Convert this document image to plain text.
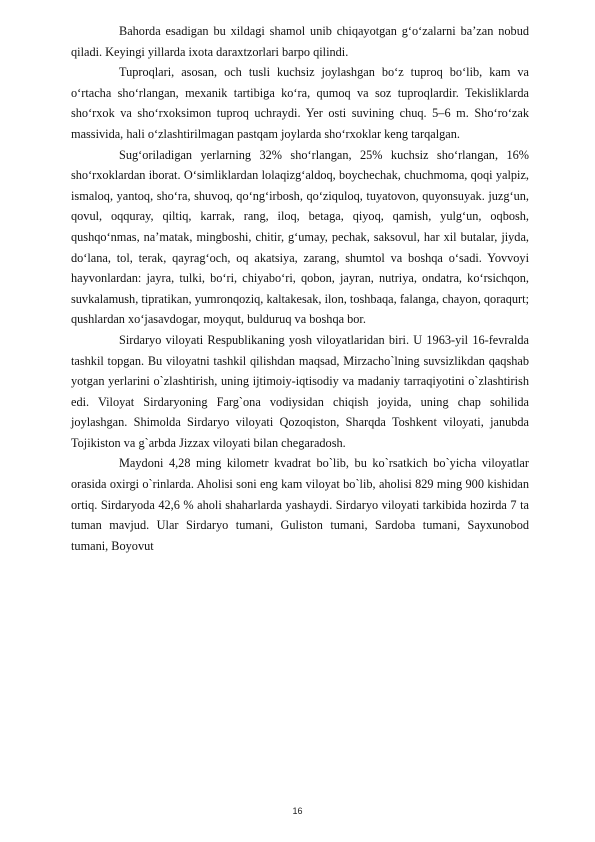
Bahorda esadigan bu xildagi shamol unib chiqayotgan g‘o‘zalarni ba’zan nobud qiladi. Keyingi yillarda ixota daraxtzorlari barpo qilindi.

Tuproqlari, asosan, och tusli kuchsiz joylashgan bo‘z tuproq bo‘lib, kam va o‘rtacha sho‘rlangan, mexanik tartibiga ko‘ra, qumoq va soz tuproqlardir. Tekisliklarda sho‘rxok va sho‘rxoksimon tuproq uchraydi. Yer osti suvining chuq. 5–6 m. Sho‘ro‘zak massivida, hali o‘zlashtirilmagan pastqam joylarda sho‘rxoklar keng tarqalgan.

Sug‘oriladigan yerlarning 32% sho‘rlangan, 25% kuchsiz sho‘rlangan, 16% sho‘rxoklardan iborat. O‘simliklardan lolaqizg‘aldoq, boychechak, chuchmoma, qoqi yalpiz, ismaloq, yantoq, sho‘ra, shuvoq, qo‘ng‘irbosh, qo‘ziquloq, tuyatovon, quyonsuyak. juzg‘un, qovul, oqquray, qiltiq, karrak, rang, iloq, betaga, qiyoq, qamish, yulg‘un, oqbosh, qushqo‘nmas, na’matak, mingboshi, chitir, g‘umay, pechak, saksovul, har xil butalar, jiyda, do‘lana, tol, terak, qayrag‘och, oq akatsiya, zarang, shumtol va boshqa o‘sadi. Yovvoyi hayvonlardan: jayra, tulki, bo‘ri, chiyabo‘ri, qobon, jayran, nutriya, ondatra, ko‘rsichqon, suvkalamush, tipratikan, yumronqoziq, kaltakesak, ilon, toshbaqa, falanga, chayon, qoraqurt; qushlardan xo‘jasavdogar, moyqut, bulduruq va boshqa bor.

Sirdaryo viloyati Respublikaning yosh viloyatlaridan biri. U 1963-yil 16-fevralda tashkil topgan. Bu viloyatni tashkil qilishdan maqsad, Mirzacho`lning suvsizlikdan qaqshab yotgan yerlarini o`zlashtirish, uning ijtimoiy-iqtisodiy va madaniy tarraqiyotini o`zlashtirish edi. Viloyat Sirdaryoning Farg`ona vodiysidan chiqish joyida, uning chap sohilida joylashgan. Shimolda Sirdaryo viloyati Qozoqiston, Sharqda Toshkent viloyati, janubda Tojikiston va g`arbda Jizzax viloyati bilan chegaradosh.

Maydoni 4,28 ming kilometr kvadrat bo`lib, bu ko`rsatkich bo`yicha viloyatlar orasida oxirgi o`rinlarda. Aholisi soni eng kam viloyat bo`lib, aholisi 829 ming 900 kishidan ortiq. Sirdaryoda 42,6 % aholi shaharlarda yashaydi. Sirdaryo viloyati tarkibida hozirda 7 ta tuman mavjud. Ular Sirdaryo tumani, Guliston tumani, Sardoba tumani, Sayxunobod tumani, Boyovut

16
